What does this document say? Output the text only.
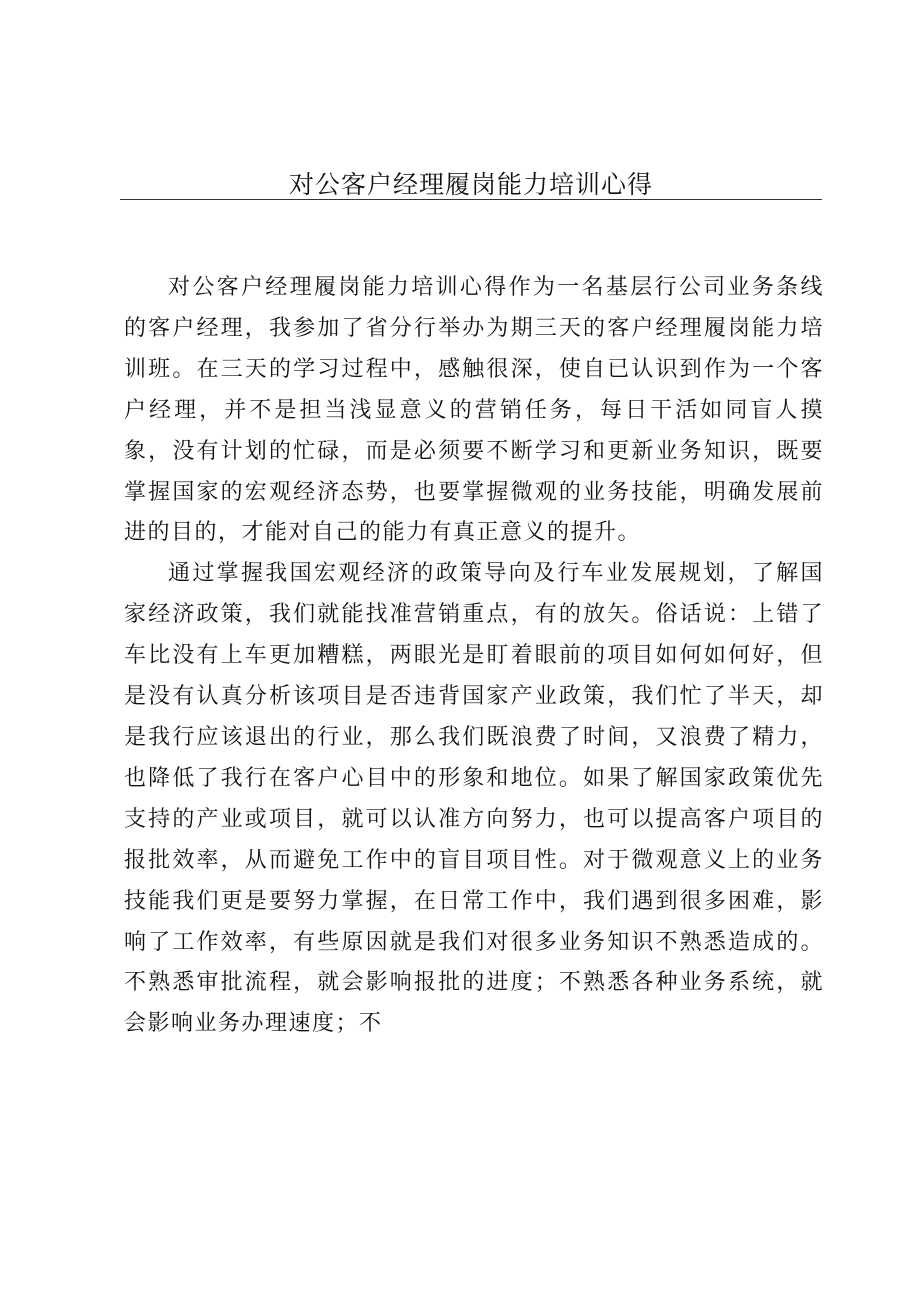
对公客户经理履岗能力培训心得

对公客户经理履岗能力培训心得作为一名基层行公司业务条线的客户经理，我参加了省分行举办为期三天的客户经理履岗能力培训班。在三天的学习过程中，感触很深，使自已认识到作为一个客户经理，并不是担当浅显意义的营销任务，每日干活如同盲人摸象，没有计划的忙碌，而是必须要不断学习和更新业务知识，既要掌握国家的宏观经济态势，也要掌握微观的业务技能，明确发展前进的目的，才能对自己的能力有真正意义的提升。

通过掌握我国宏观经济的政策导向及行车业发展规划，了解国家经济政策，我们就能找准营销重点，有的放矢。俗话说：上错了车比没有上车更加糟糕，两眼光是盯着眼前的项目如何如何好，但是没有认真分析该项目是否违背国家产业政策，我们忙了半天，却是我行应该退出的行业，那么我们既浪费了时间，又浪费了精力，也降低了我行在客户心目中的形象和地位。如果了解国家政策优先支持的产业或项目，就可以认准方向努力，也可以提高客户项目的报批效率，从而避免工作中的盲目项目性。对于微观意义上的业务技能我们更是要努力掌握，在日常工作中，我们遇到很多困难，影响了工作效率，有些原因就是我们对很多业务知识不熟悉造成的。不熟悉审批流程，就会影响报批的进度；不熟悉各种业务系统，就会影响业务办理速度；不
